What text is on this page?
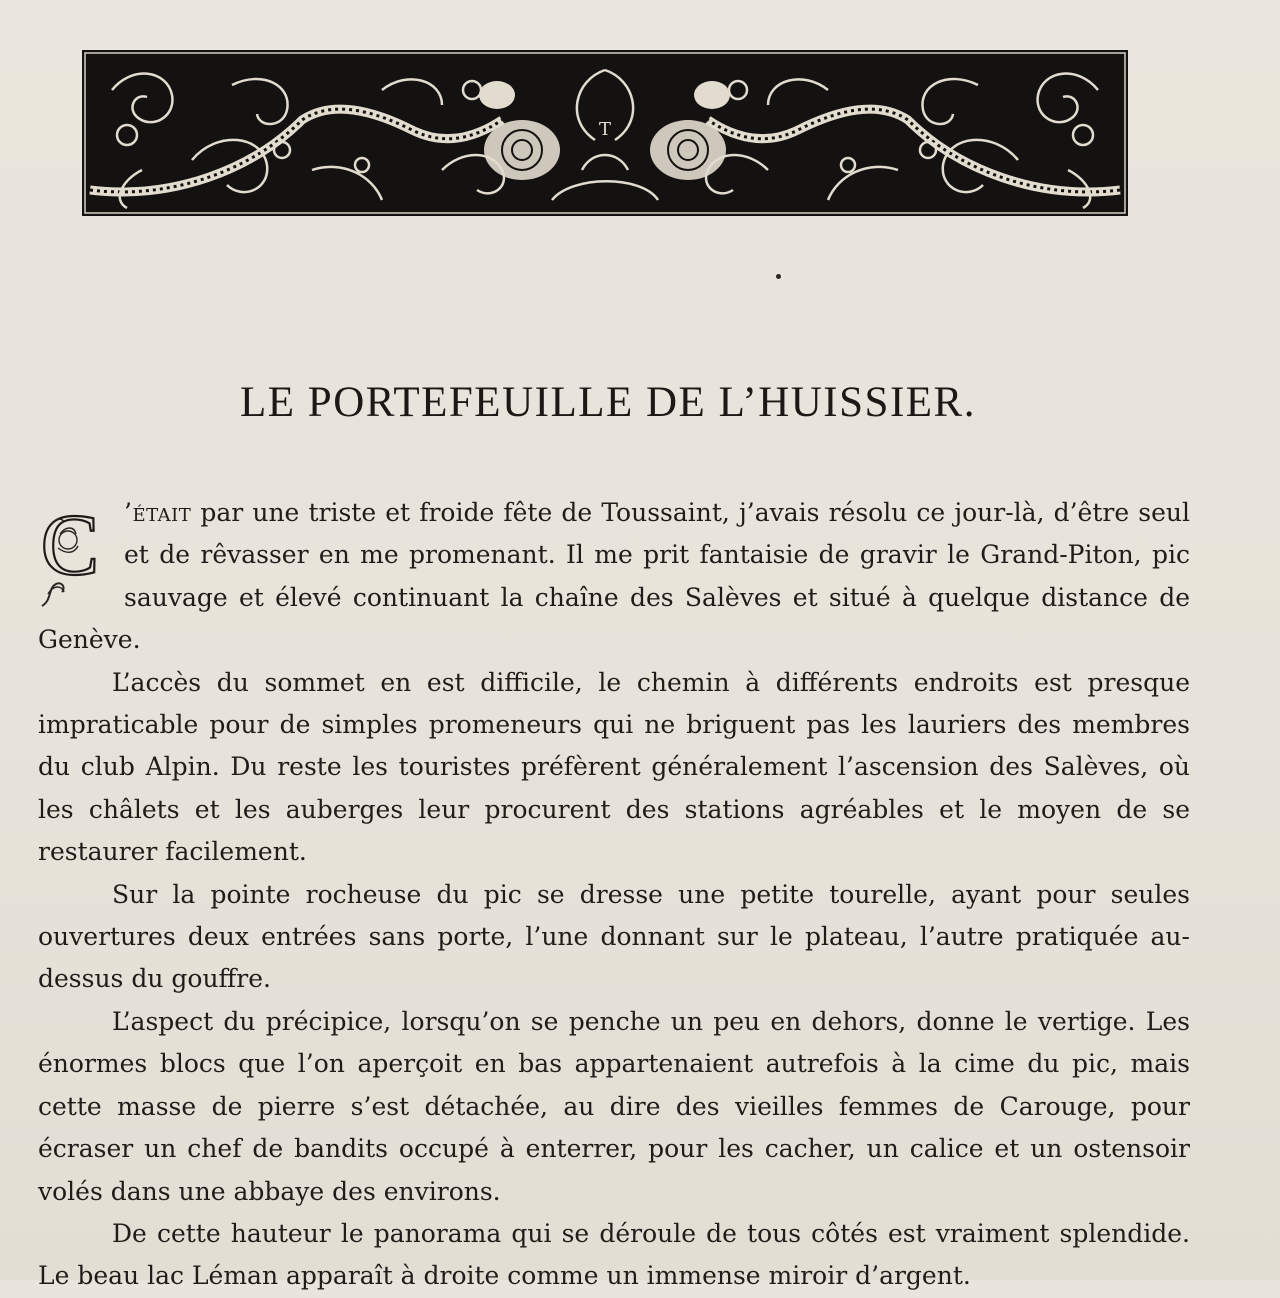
T
LE PORTEFEUILLE DE L’HUISSIER.

C ’était par une triste et froide fête de Toussaint, j’avais résolu ce jour-là, d’être seul et de rêvasser en me promenant. Il me prit fantaisie de gravir le Grand-Piton, pic sauvage et élevé continuant la chaîne des Salèves et situé à quelque distance de Genève.

L’accès du sommet en est difficile, le chemin à différents endroits est presque impraticable pour de simples promeneurs qui ne briguent pas les lauriers des membres du club Alpin. Du reste les touristes préfèrent généralement l’ascension des Salèves, où les châlets et les auberges leur procurent des stations agréables et le moyen de se restaurer facilement.

Sur la pointe rocheuse du pic se dresse une petite tourelle, ayant pour seules ouvertures deux entrées sans porte, l’une donnant sur le plateau, l’autre pratiquée au-dessus du gouffre.

L’aspect du précipice, lorsqu’on se penche un peu en dehors, donne le vertige. Les énormes blocs que l’on aperçoit en bas appartenaient autrefois à la cime du pic, mais cette masse de pierre s’est détachée, au dire des vieilles femmes de Carouge, pour écraser un chef de bandits occupé à enterrer, pour les cacher, un calice et un ostensoir volés dans une abbaye des environs.

De cette hauteur le panorama qui se déroule de tous côtés est vraiment splendide. Le beau lac Léman apparaît à droite comme un immense miroir d’argent.
